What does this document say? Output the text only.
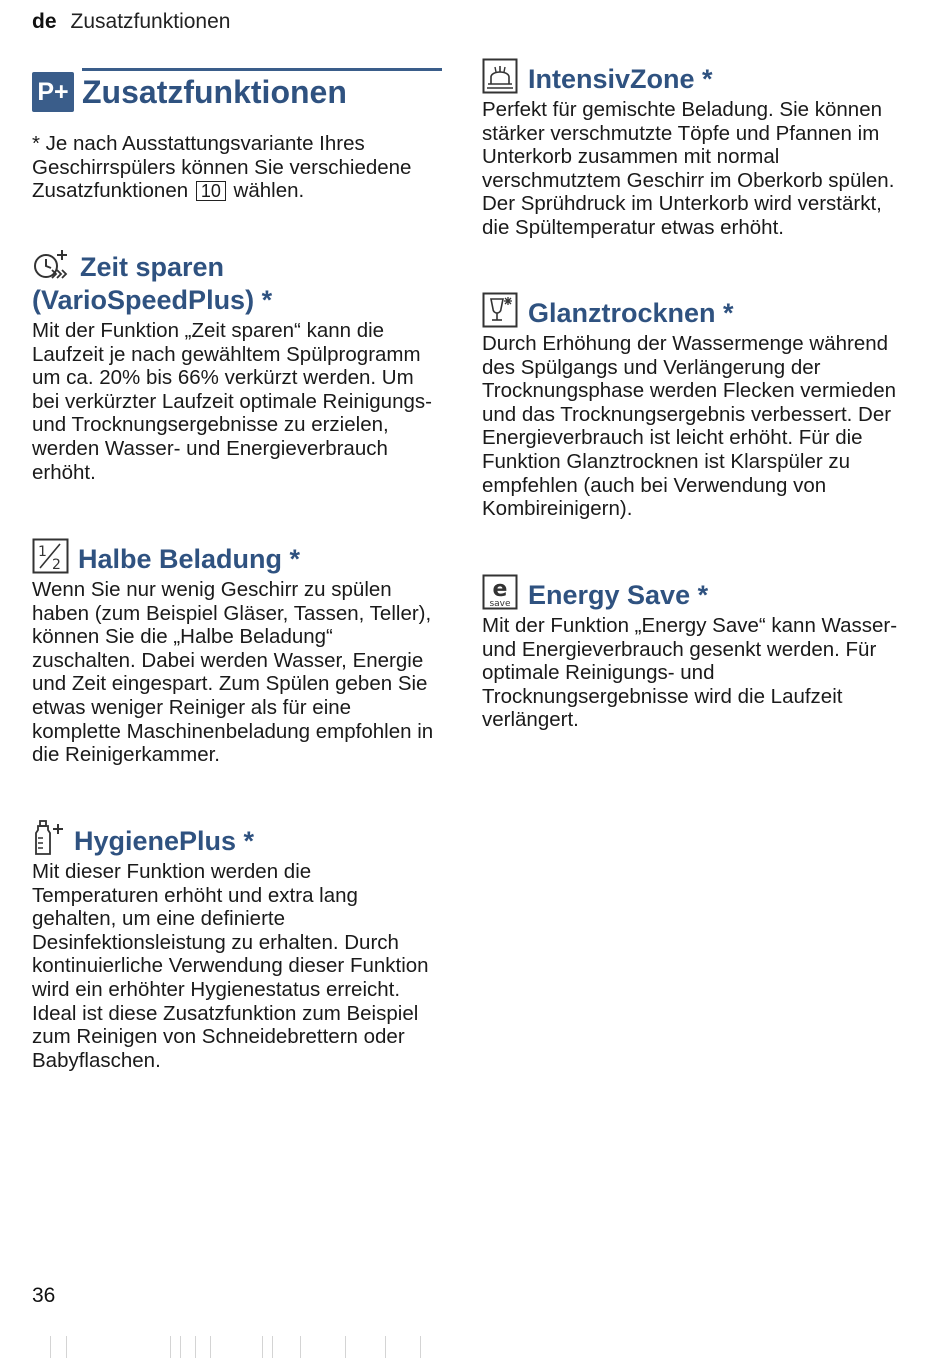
de Zusatzfunktionen
P+ Zusatzfunktionen

* Je nach Ausstattungsvariante Ihres Geschirrspülers können Sie verschiedene Zusatzfunktionen 10 wählen.

Zeit sparen
(VarioSpeedPlus) *

Mit der Funktion „Zeit sparen“ kann die Laufzeit je nach gewähltem Spülprogramm um ca. 20% bis 66% verkürzt werden. Um bei verkürzter Laufzeit optimale Reinigungs- und Trocknungsergebnisse zu erzielen, werden Wasser- und Energieverbrauch erhöht.

1
2 Halbe Beladung *

Wenn Sie nur wenig Geschirr zu spülen haben (zum Beispiel Gläser, Tassen, Teller), können Sie die „Halbe Beladung“ zuschalten. Dabei werden Wasser, Energie und Zeit eingespart. Zum Spülen geben Sie etwas weniger Reiniger als für eine komplette Maschinenbeladung empfohlen in die Reinigerkammer.

HygienePlus *

Mit dieser Funktion werden die Temperaturen erhöht und extra lang gehalten, um eine definierte Desinfektionsleistung zu erhalten. Durch kontinuierliche Verwendung dieser Funktion wird ein erhöhter Hygienestatus erreicht. Ideal ist diese Zusatzfunktion zum Beispiel zum Reinigen von Schneidebrettern oder Babyflaschen.

IntensivZone *

Perfekt für gemischte Beladung. Sie können stärker verschmutzte Töpfe und Pfannen im Unterkorb zusammen mit normal verschmutztem Geschirr im Oberkorb spülen. Der Sprühdruck im Unterkorb wird verstärkt, die Spültemperatur etwas erhöht.

Glanztrocknen *

Durch Erhöhung der Wassermenge während des Spülgangs und Verlängerung der Trocknungsphase werden Flecken vermieden und das Trocknungsergebnis verbessert. Der Energieverbrauch ist leicht erhöht. Für die Funktion Glanztrocknen ist Klarspüler zu empfehlen (auch bei Verwendung von Kombireinigern).

e
save Energy Save *

Mit der Funktion „Energy Save“ kann Wasser- und Energieverbrauch gesenkt werden. Für optimale Reinigungs- und Trocknungsergebnisse wird die Laufzeit verlängert.

36
